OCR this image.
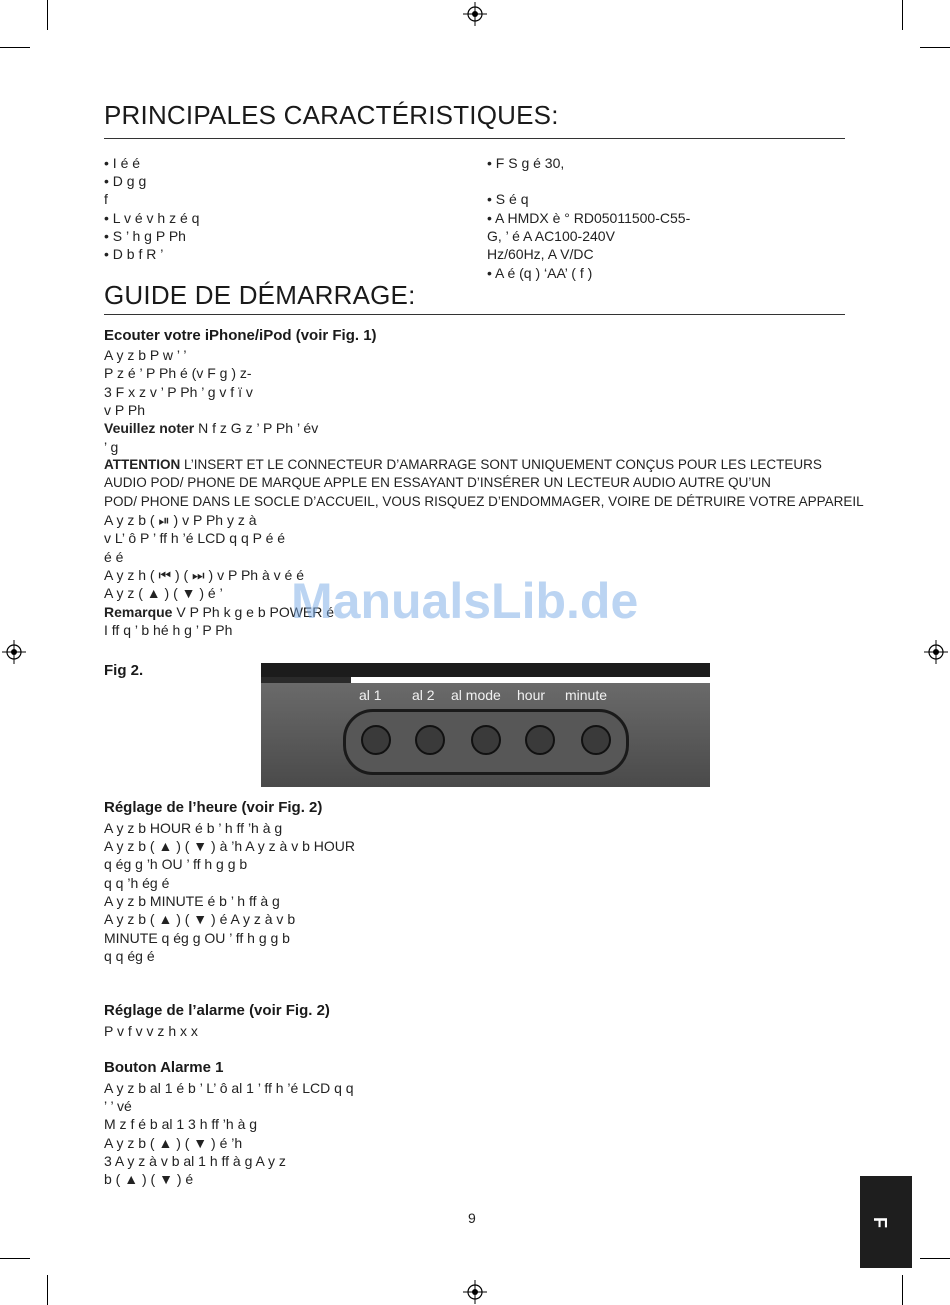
PRINCIPALES CARACTÉRISTIQUES:
• I é é
• D g g
f
• L v é v h z é q
• S ’ h g P Ph
• D b f R ’
• F S g é 30,
• S é q
• A HMDX è ° RD05011500-C55-
G, ’ é A AC100-240V
Hz/60Hz, A V/DC
• A é (q ) ‘AA’ ( f )
GUIDE DE DÉMARRAGE:
Ecouter votre iPhone/iPod (voir Fig. 1)
A y z b P w ’ ’
P z é ’ P Ph é (v F g ) z-
3 F x z v ’ P Ph ’ g v f ï v
v P Ph
Veuillez noter N f z G z ’ P Ph ’ év
’ g
ATTENTION L’INSERT ET LE CONNECTEUR D’AMARRAGE SONT UNIQUEMENT CONÇUS POUR LES LECTEURS
AUDIO POD/ PHONE DE MARQUE APPLE EN ESSAYANT D’INSÉRER UN LECTEUR AUDIO AUTRE QU’UN
POD/ PHONE DANS LE SOCLE D’ACCUEIL, VOUS RISQUEZ D’ENDOMMAGER, VOIRE DE DÉTRUIRE VOTRE APPAREIL
A y z b ( ⏯ ) v P Ph y z à
v L’ ô P ’ ff h ’é LCD q q P é é
é é
A y z h ( ⏮ ) ( ⏭ ) v P Ph à v é é
A y z ( ▲ ) ( ▼ ) é ’
Remarque V P Ph k g e b POWER é
I ff q ’ b hé h g ’ P Ph
ManualsLib.de
Fig 2.
al 1 al 2 al mode hour minute
Réglage de l’heure (voir Fig. 2)
A y z b HOUR é b ’ h ff ’h à g
A y z b ( ▲ ) ( ▼ ) à ’h A y z à v b HOUR
q ég g ’h OU ’ ff h g g b
q q ’h ég é
A y z b MINUTE é b ’ h ff à g
A y z b ( ▲ ) ( ▼ ) é A y z à v b
MINUTE q ég g OU ’ ff h g g b
q q ég é
Réglage de l’alarme (voir Fig. 2)
P v f v v z h x x
Bouton Alarme 1
A y z b al 1 é b ’ L’ ô al 1 ’ ff h ’é LCD q q
’ ’ vé
M z f é b al 1 3 h ff ’h à g
A y z b ( ▲ ) ( ▼ ) é ’h
3 A y z à v b al 1 h ff à g A y z
b ( ▲ ) ( ▼ ) é
9	F
